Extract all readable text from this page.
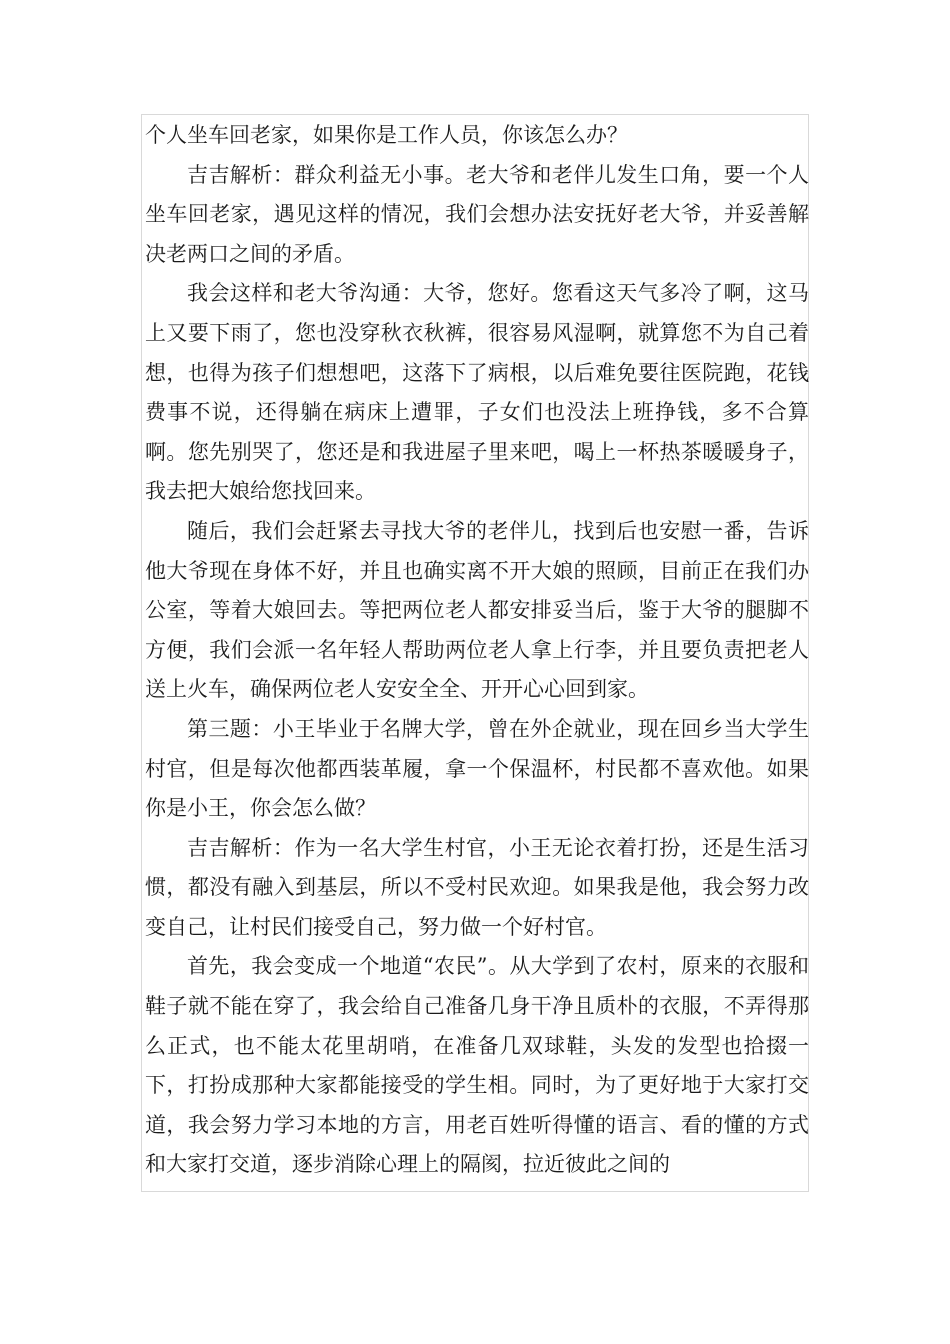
个人坐车回老家，如果你是工作人员，你该怎么办？

吉吉解析：群众利益无小事。老大爷和老伴儿发生口角，要一个人坐车回老家，遇见这样的情况，我们会想办法安抚好老大爷，并妥善解决老两口之间的矛盾。

我会这样和老大爷沟通：大爷，您好。您看这天气多冷了啊，这马上又要下雨了，您也没穿秋衣秋裤，很容易风湿啊，就算您不为自己着想，也得为孩子们想想吧，这落下了病根，以后难免要往医院跑，花钱费事不说，还得躺在病床上遭罪，子女们也没法上班挣钱，多不合算啊。您先别哭了，您还是和我进屋子里来吧，喝上一杯热茶暖暖身子，我去把大娘给您找回来。

随后，我们会赶紧去寻找大爷的老伴儿，找到后也安慰一番，告诉他大爷现在身体不好，并且也确实离不开大娘的照顾，目前正在我们办公室，等着大娘回去。等把两位老人都安排妥当后，鉴于大爷的腿脚不方便，我们会派一名年轻人帮助两位老人拿上行李，并且要负责把老人送上火车，确保两位老人安安全全、开开心心回到家。

第三题：小王毕业于名牌大学，曾在外企就业，现在回乡当大学生村官，但是每次他都西装革履，拿一个保温杯，村民都不喜欢他。如果你是小王，你会怎么做？

吉吉解析：作为一名大学生村官，小王无论衣着打扮，还是生活习惯，都没有融入到基层，所以不受村民欢迎。如果我是他，我会努力改变自己，让村民们接受自己，努力做一个好村官。

首先，我会变成一个地道“农民”。从大学到了农村，原来的衣服和鞋子就不能在穿了，我会给自己准备几身干净且质朴的衣服，不弄得那么正式，也不能太花里胡哨，在准备几双球鞋，头发的发型也拾掇一下，打扮成那种大家都能接受的学生相。同时，为了更好地于大家打交道，我会努力学习本地的方言，用老百姓听得懂的语言、看的懂的方式和大家打交道，逐步消除心理上的隔阂，拉近彼此之间的
